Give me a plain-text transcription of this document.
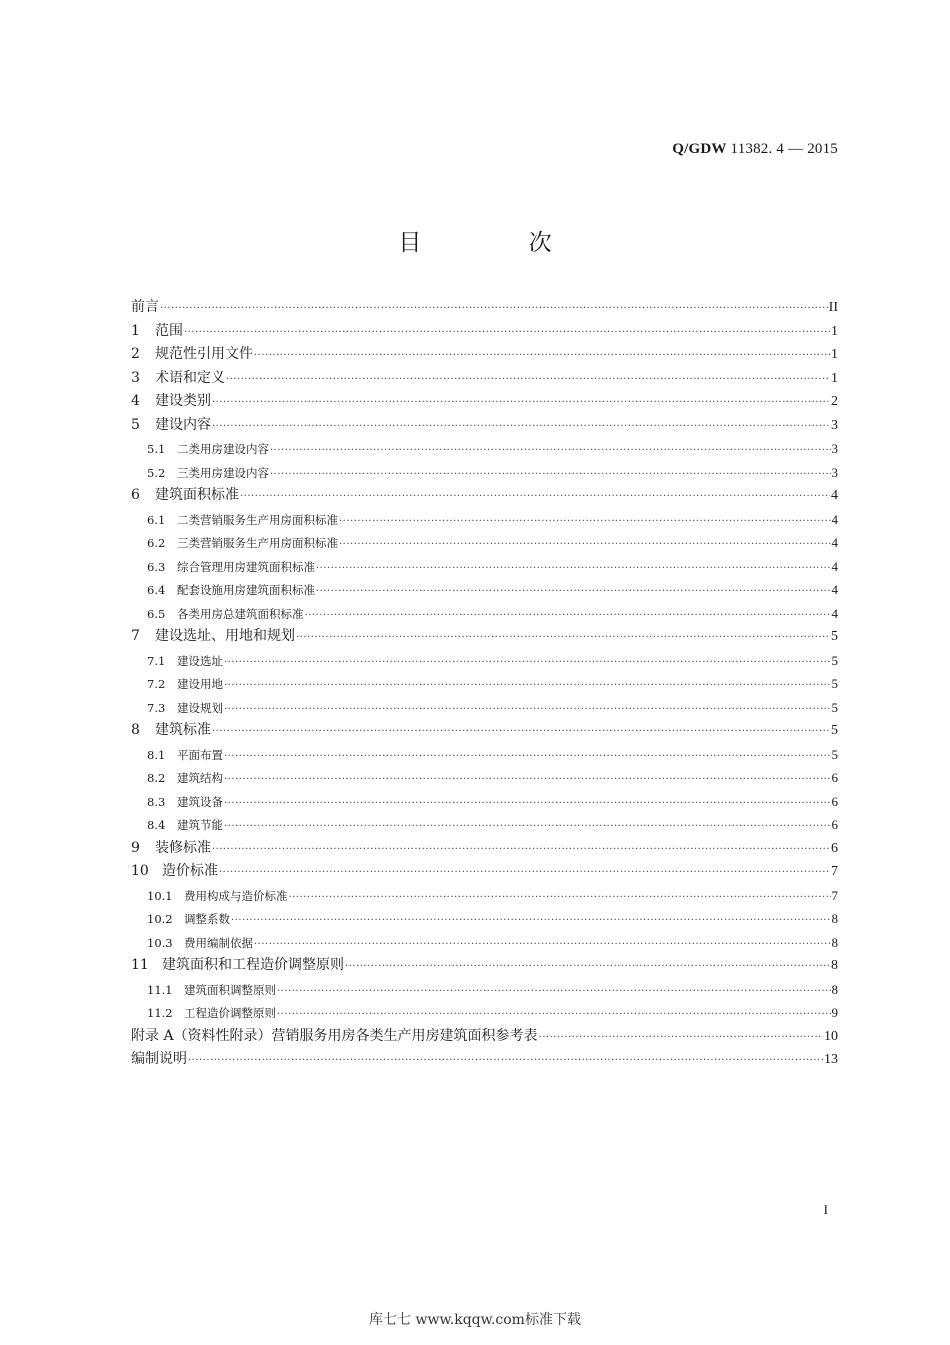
Q/GDW 11382. 4 — 2015
目 次
前言 ·····	II
1	范围 ·····	1
2	规范性引用文件 ·····	1
3	术语和定义 ·····	1
4	建设类别 ·····	2
5	建设内容 ·····	3
5.1	二类用房建设内容 ·····	3
5.2	三类用房建设内容 ·····	3
6	建筑面积标准 ·····	4
6.1	二类营销服务生产用房面积标准 ·····	4
6.2	三类营销服务生产用房面积标准 ·····	4
6.3	综合管理用房建筑面积标准 ·····	4
6.4	配套设施用房建筑面积标准 ·····	4
6.5	各类用房总建筑面积标准 ·····	4
7	建设选址、用地和规划 ·····	5
7.1	建设选址 ·····	5
7.2	建设用地 ·····	5
7.3	建设规划 ·····	5
8	建筑标准 ·····	5
8.1	平面布置 ·····	5
8.2	建筑结构 ·····	6
8.3	建筑设备 ·····	6
8.4	建筑节能 ·····	6
9	装修标准 ·····	6
10 造价标准 ·····	7
10.1 费用构成与造价标准 ·····	7
10.2 调整系数 ·····	8
10.3 费用编制依据 ·····	8
11 建筑面积和工程造价调整原则 ·····	8
11.1 建筑面积调整原则 ·····	8
11.2 工程造价调整原则 ·····	9
附录 A（资料性附录）营销服务用房各类生产用房建筑面积参考表 ·····	10
编制说明 ·····	13
I
库七七 www.kqqw.com标准下载
